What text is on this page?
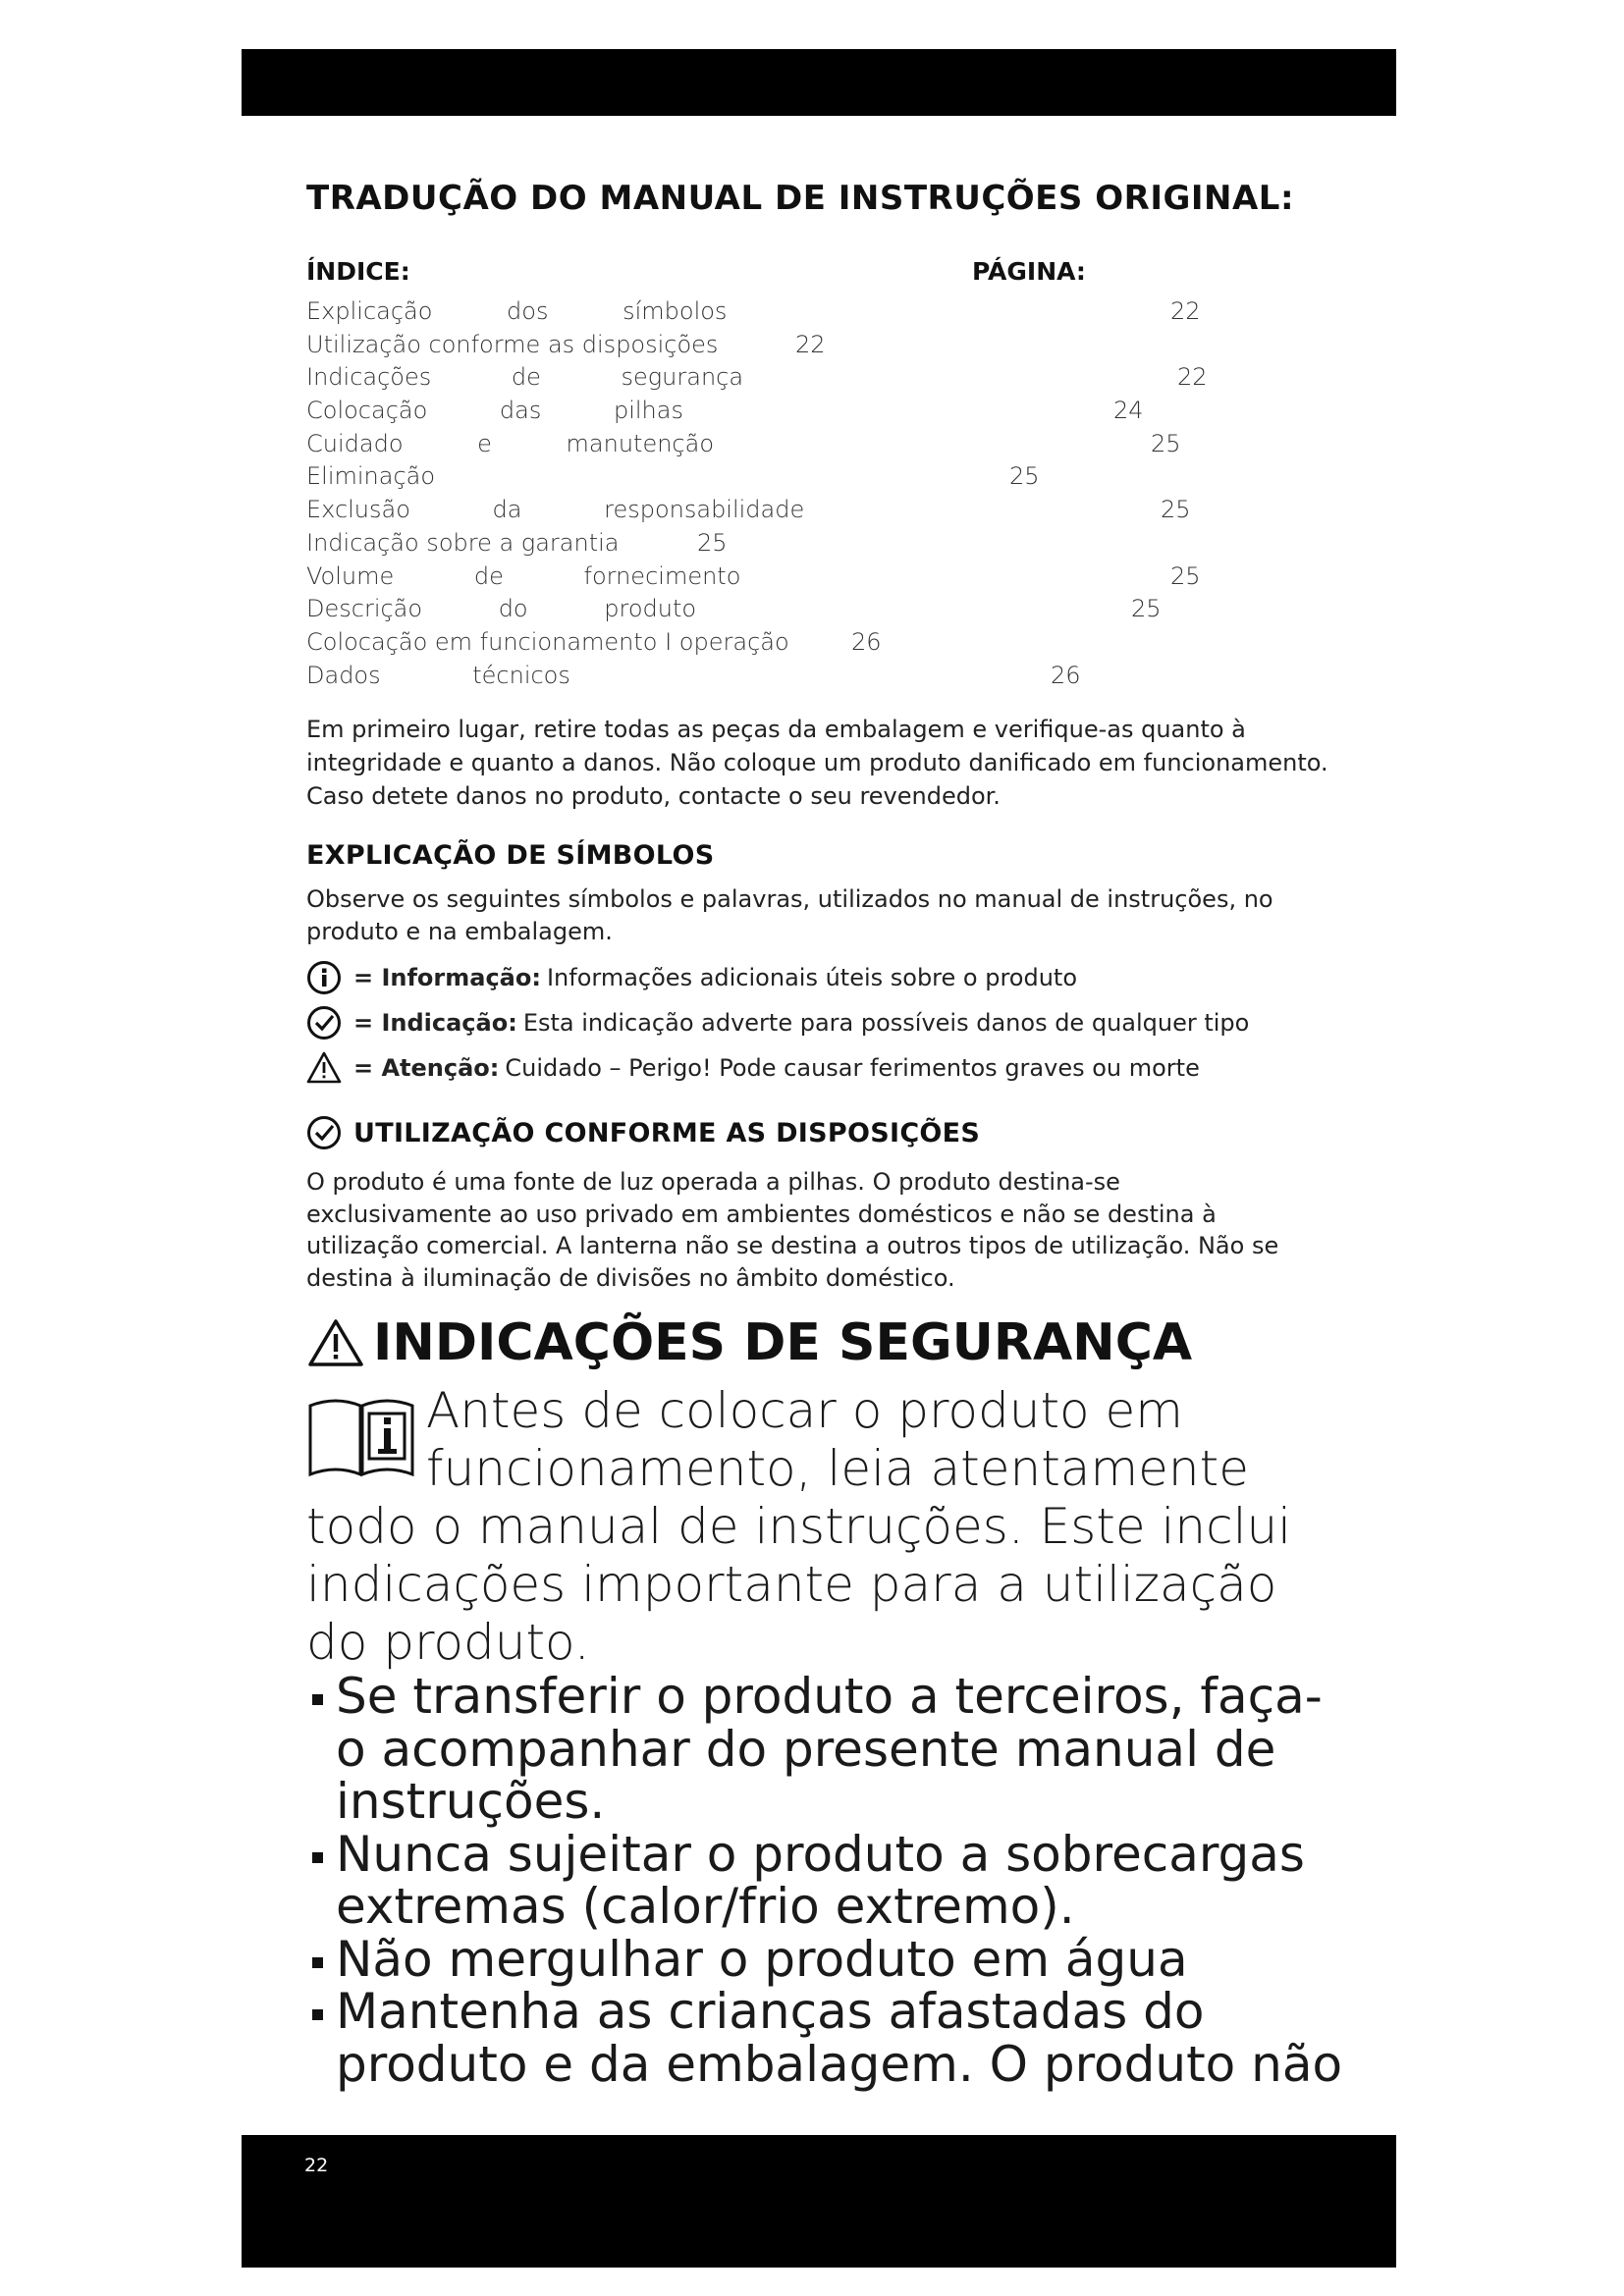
TRADUÇÃO DO MANUAL DE INSTRUÇÕES ORIGINAL:
ÍNDICE:	PÁGINA:
Explicação dos símbolos	22
Utilização conforme as disposições	22
Indicações de segurança	22
Colocação das pilhas	24
Cuidado e manutenção	25
Eliminação	25
Exclusão da responsabilidade	25
Indicação sobre a garantia	25
Volume de fornecimento	25
Descrição do produto	25
Colocação em funcionamento I operação	26
Dados técnicos	26

Em primeiro lugar, retire todas as peças da embalagem e verifique-as quanto à integridade e quanto a danos. Não coloque um produto danificado em funcionamento. Caso detete danos no produto, contacte o seu revendedor.

EXPLICAÇÃO DE SÍMBOLOS

Observe os seguintes símbolos e palavras, utilizados no manual de instruções, no produto e na embalagem.

= Informação: Informações adicionais úteis sobre o produto
= Indicação: Esta indicação adverte para possíveis danos de qualquer tipo
= Atenção: Cuidado – Perigo! Pode causar ferimentos graves ou morte
UTILIZAÇÃO CONFORME AS DISPOSIÇÕES

O produto é uma fonte de luz operada a pilhas. O produto destina-se exclusivamente ao uso privado em ambientes domésticos e não se destina à utilização comercial. A lanterna não se destina a outros tipos de utilização. Não se destina à iluminação de divisões no âmbito doméstico.

INDICAÇÕES DE SEGURANÇA

Antes de colocar o produto em funcionamento, leia atentamente

todo o manual de instruções. Este inclui indicações importante para a utilização do produto.

Se transferir o produto a terceiros, faça-o acompanhar do presente manual de instruções.
Nunca sujeitar o produto a sobrecargas extremas (calor/frio extremo).
Não mergulhar o produto em água
Mantenha as crianças afastadas do produto e da embalagem. O produto não
22
